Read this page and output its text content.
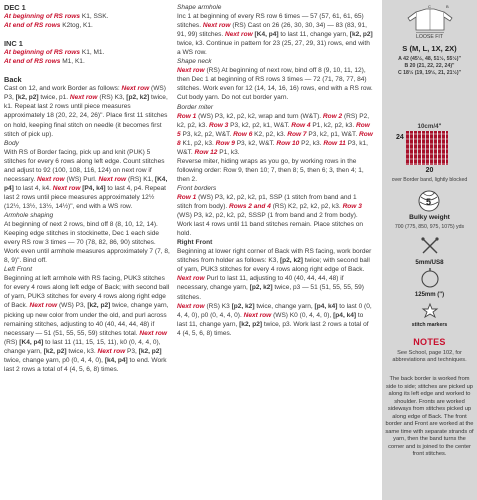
DEC 1

At beginning of RS rows K1, SSK.

At end of RS rows K2tog, K1.

INC 1

At beginning of RS rows K1, M1.

At end of RS rows M1, K1.

Back

Cast on 12, and work Border as follows: Next row (WS) P3, [k2, p2] twice, p1. Next row (RS) K3, [p2, k2] twice, k1. Repeat last 2 rows until piece measures approximately 18 (20, 22, 24, 26)". Place first 11 stitches on hold, keeping final stitch on needle (it becomes first stitch of pick up).

Body

With RS of Border facing, pick up and knit (PUK) 5 stitches for every 6 rows along left edge. Count stitches and adjust to 92 (100, 108, 116, 124) on next row if necessary. Next row (WS) Purl. Next row (RS) K1, [K4, p4] to last 4, k4. Next row [P4, k4] to last 4, p4. Repeat last 2 rows until piece measures approximately 12½ (12½, 13½, 13½, 14½)", end with a WS row.

Armhole shaping

At beginning of next 2 rows, bind off 8 (8, 10, 12, 14). Keeping edge stitches in stockinette, Dec 1 each side every RS row 3 times — 70 (78, 82, 86, 90) stitches. Work even until armhole measures approximately 7 (7, 8, 8, 9)". Bind off.

Left Front

Beginning at left armhole with RS facing, PUK3 stitches for every 4 rows along left edge of Back; with second ball of yarn, PUK3 stitches for every 4 rows along right edge of Back. Next row (WS) P3, [k2, p2] twice, change yarn, picking up new color from under the old, and purl across remaining stitches, adjusting to 40 (40, 44, 44, 48) if necessary — 51 (51, 55, 55, 59) stitches total. Next row (RS) [K4, p4] to last 11 (11, 15, 15, 11), k0 (0, 4, 4, 0), change yarn, [k2, p2] twice, k3. Next row P3, [k2, p2] twice, change yarn, p0 (0, 4, 4, 0), [k4, p4] to end. Work last 2 rows a total of 4 (4, 5, 6, 8) times.

Shape armhole

Inc 1 at beginning of every RS row 6 times — 57 (57, 61, 61, 65) stitches. Next row (RS) Cast on 26 (26, 30, 30, 34) — 83 (83, 91, 91, 99) stitches. Next row [K4, p4] to last 11, change yarn, [k2, p2] twice, k3. Continue in pattern for 23 (25, 27, 29, 31) rows, end with a WS row.

Shape neck

Next row (RS) At beginning of next row, bind off 8 (9, 10, 11, 12), then Dec 1 at beginning of RS rows 3 times — 72 (71, 78, 77, 84) stitches. Work even for 12 (14, 14, 16, 16) rows, end with a RS row. Cut body yarn. Do not cut border yarn.

Border miter

Row 1 (WS) P3, k2, p2, k2, wrap and turn (W&T). Row 2 (RS) P2, k2, p2, k3. Row 3 P3, k2, p2, k1, W&T. Row 4 P1, k2, p2, k3. Row 5 P3, k2, p2, W&T. Row 6 K2, p2, k3. Row 7 P3, k2, p1, W&T. Row 8 K1, p2, k3. Row 9 P3, k2, W&T. Row 10 P2, k3. Row 11 P3, k1, W&T. Row 12 P1, k3.

Reverse miter, hiding wraps as you go, by working rows in the following order: Row 9, then 10; 7, then 8; 5, then 6; 3, then 4; 1, then 2.

Front borders

Row 1 (WS) P3, k2, p2, k2, p1, SSP (1 stitch from band and 1 stitch from body). Rows 2 and 4 (RS) K2, p2, k2, p2, k3. Row 3 (WS) P3, k2, p2, k2, p2, SSSP (1 from band and 2 from body). Work last 4 rows until 11 band stitches remain. Place stitches on hold.

Right Front

Beginning at lower right corner of Back with RS facing, work border stitches from holder as follows: K3, [p2, k2] twice; with second ball of yarn, PUK3 stitches for every 4 rows along right edge of Back. Next row Purl to last 11, adjusting to 40 (40, 44, 44, 48) if necessary, change yarn, [p2, k2] twice, p3 — 51 (51, 55, 55, 59) stitches.

Next row (RS) K3 [p2, k2] twice, change yarn, [p4, k4] to last 0 (0, 4, 4, 0), p0 (0, 4, 4, 0). Next row (WS) K0 (0, 4, 4, 0), [p4, k4] to last 11, change yarn, [k2, p2] twice, p3. Work last 2 rows a total of 4 (4, 5, 6, 8) times.

B
C
LOOSE FIT
S (M, L, 1X, 2X)
A 42 (45½, 48, 51½, 55½)"
B 20 (21, 22, 22, 24)"
C 18½ (19, 19½, 21, 21½)"
10cm/4"
24
20
over Border band, lightly blocked
5
Bulky weight
700 (775, 850, 975, 1075) yds
5mm/US8
125mm (")
stitch markers
NOTES
See School, page 102, for abbreviations and techniques.
The back border is worked from side to side; stitches are picked up along its left edge and worked to shoulder. Fronts are worked sideways from stitches picked up along edge of Back. The front border and Front are worked at the same time with separate strands of yarn, then the band turns the corner and is joined to the center front stitches.
